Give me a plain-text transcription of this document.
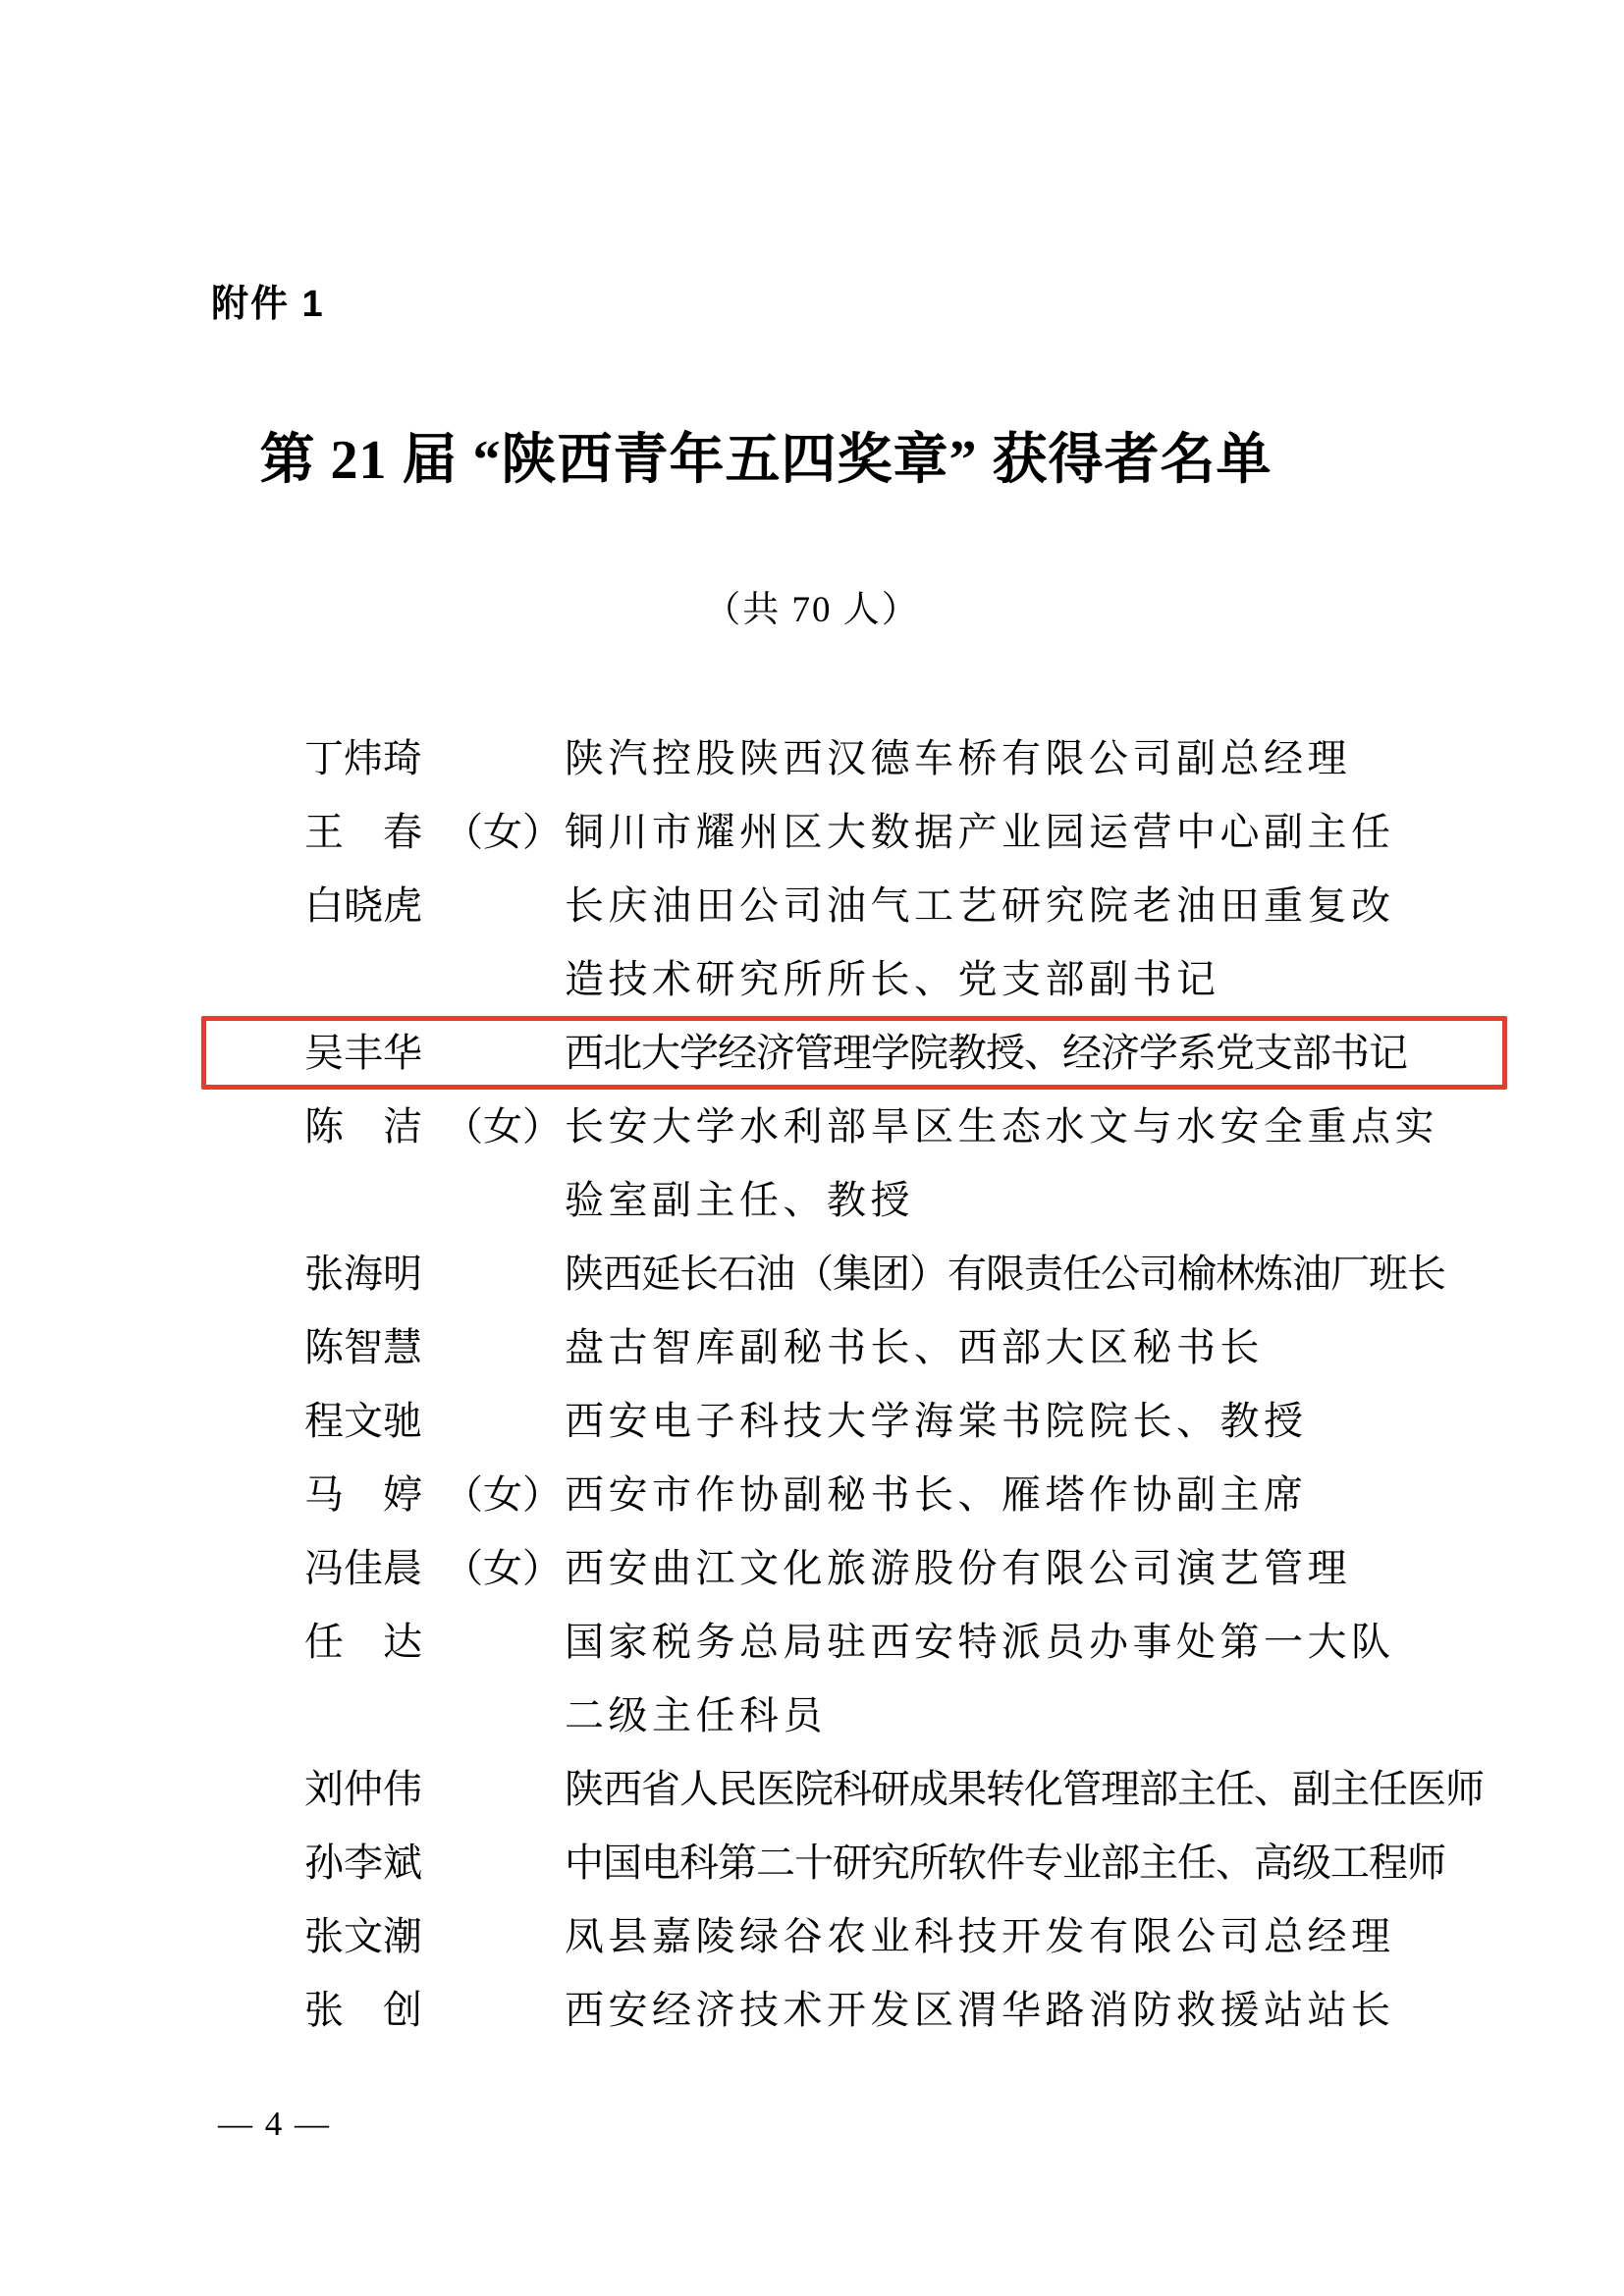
附件 1
第 21 届 “陕西青年五四奖章” 获得者名单
（共 70 人）
丁炜琦	陕汽控股陕西汉德车桥有限公司副总经理
王　春 （女） 铜川市耀州区大数据产业园运营中心副主任
白晓虎	长庆油田公司油气工艺研究院老油田重复改
造技术研究所所长、党支部副书记
吴丰华	西北大学经济管理学院教授、经济学系党支部书记
陈　洁 （女） 长安大学水利部旱区生态水文与水安全重点实
验室副主任、教授
张海明	陕西延长石油（集团）有限责任公司榆林炼油厂班长
陈智慧	盘古智库副秘书长、西部大区秘书长
程文驰	西安电子科技大学海棠书院院长、教授
马　婷 （女） 西安市作协副秘书长、雁塔作协副主席
冯佳晨 （女） 西安曲江文化旅游股份有限公司演艺管理
任　达	国家税务总局驻西安特派员办事处第一大队
二级主任科员
刘仲伟	陕西省人民医院科研成果转化管理部主任、副主任医师
孙李斌	中国电科第二十研究所软件专业部主任、高级工程师
张文潮	凤县嘉陵绿谷农业科技开发有限公司总经理
张　创	西安经济技术开发区渭华路消防救援站站长
— 4 —
